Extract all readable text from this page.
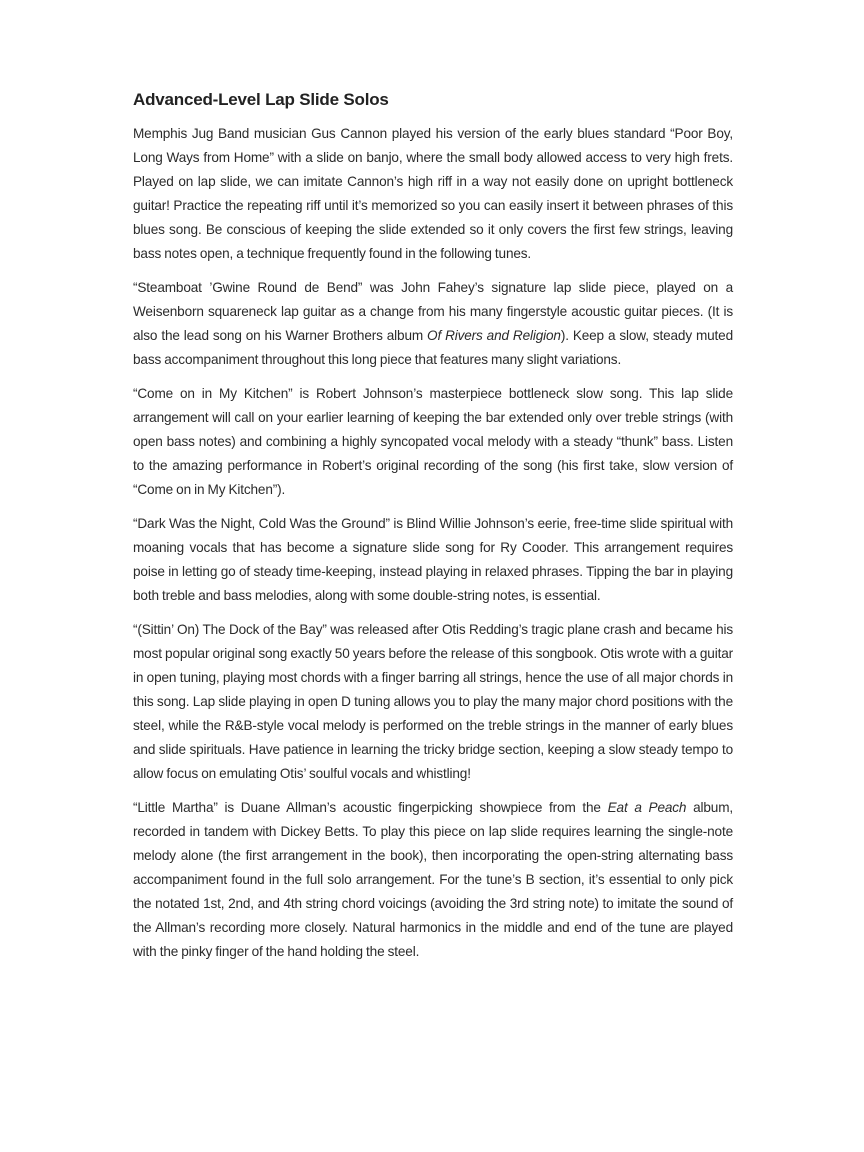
Advanced-Level Lap Slide Solos

Memphis Jug Band musician Gus Cannon played his version of the early blues standard “Poor Boy, Long Ways from Home” with a slide on banjo, where the small body allowed access to very high frets. Played on lap slide, we can imitate Cannon’s high riff in a way not easily done on upright bottleneck guitar! Practice the repeating riff until it’s memorized so you can easily insert it between phrases of this blues song. Be conscious of keeping the slide extended so it only covers the first few strings, leaving bass notes open, a technique frequently found in the following tunes.

“Steamboat ’Gwine Round de Bend” was John Fahey’s signature lap slide piece, played on a Weisenborn squareneck lap guitar as a change from his many fingerstyle acoustic guitar pieces. (It is also the lead song on his Warner Brothers album Of Rivers and Religion). Keep a slow, steady muted bass accompaniment throughout this long piece that features many slight variations.

“Come on in My Kitchen” is Robert Johnson’s masterpiece bottleneck slow song. This lap slide arrangement will call on your earlier learning of keeping the bar extended only over treble strings (with open bass notes) and combining a highly syncopated vocal melody with a steady “thunk” bass. Listen to the amazing performance in Robert’s original recording of the song (his first take, slow version of “Come on in My Kitchen”).

“Dark Was the Night, Cold Was the Ground” is Blind Willie Johnson’s eerie, free-time slide spiritual with moaning vocals that has become a signature slide song for Ry Cooder. This arrangement requires poise in letting go of steady time-keeping, instead playing in relaxed phrases. Tipping the bar in playing both treble and bass melodies, along with some double-string notes, is essential.

“(Sittin’ On) The Dock of the Bay” was released after Otis Redding’s tragic plane crash and became his most popular original song exactly 50 years before the release of this songbook. Otis wrote with a guitar in open tuning, playing most chords with a finger barring all strings, hence the use of all major chords in this song. Lap slide playing in open D tuning allows you to play the many major chord positions with the steel, while the R&B-style vocal melody is performed on the treble strings in the manner of early blues and slide spirituals. Have patience in learning the tricky bridge section, keeping a slow steady tempo to allow focus on emulating Otis’ soulful vocals and whistling!

“Little Martha” is Duane Allman’s acoustic fingerpicking showpiece from the Eat a Peach album, recorded in tandem with Dickey Betts. To play this piece on lap slide requires learning the single-note melody alone (the first arrangement in the book), then incorporating the open-string alternating bass accompaniment found in the full solo arrangement. For the tune’s B section, it’s essential to only pick the notated 1st, 2nd, and 4th string chord voicings (avoiding the 3rd string note) to imitate the sound of the Allman’s recording more closely. Natural harmonics in the middle and end of the tune are played with the pinky finger of the hand holding the steel.
